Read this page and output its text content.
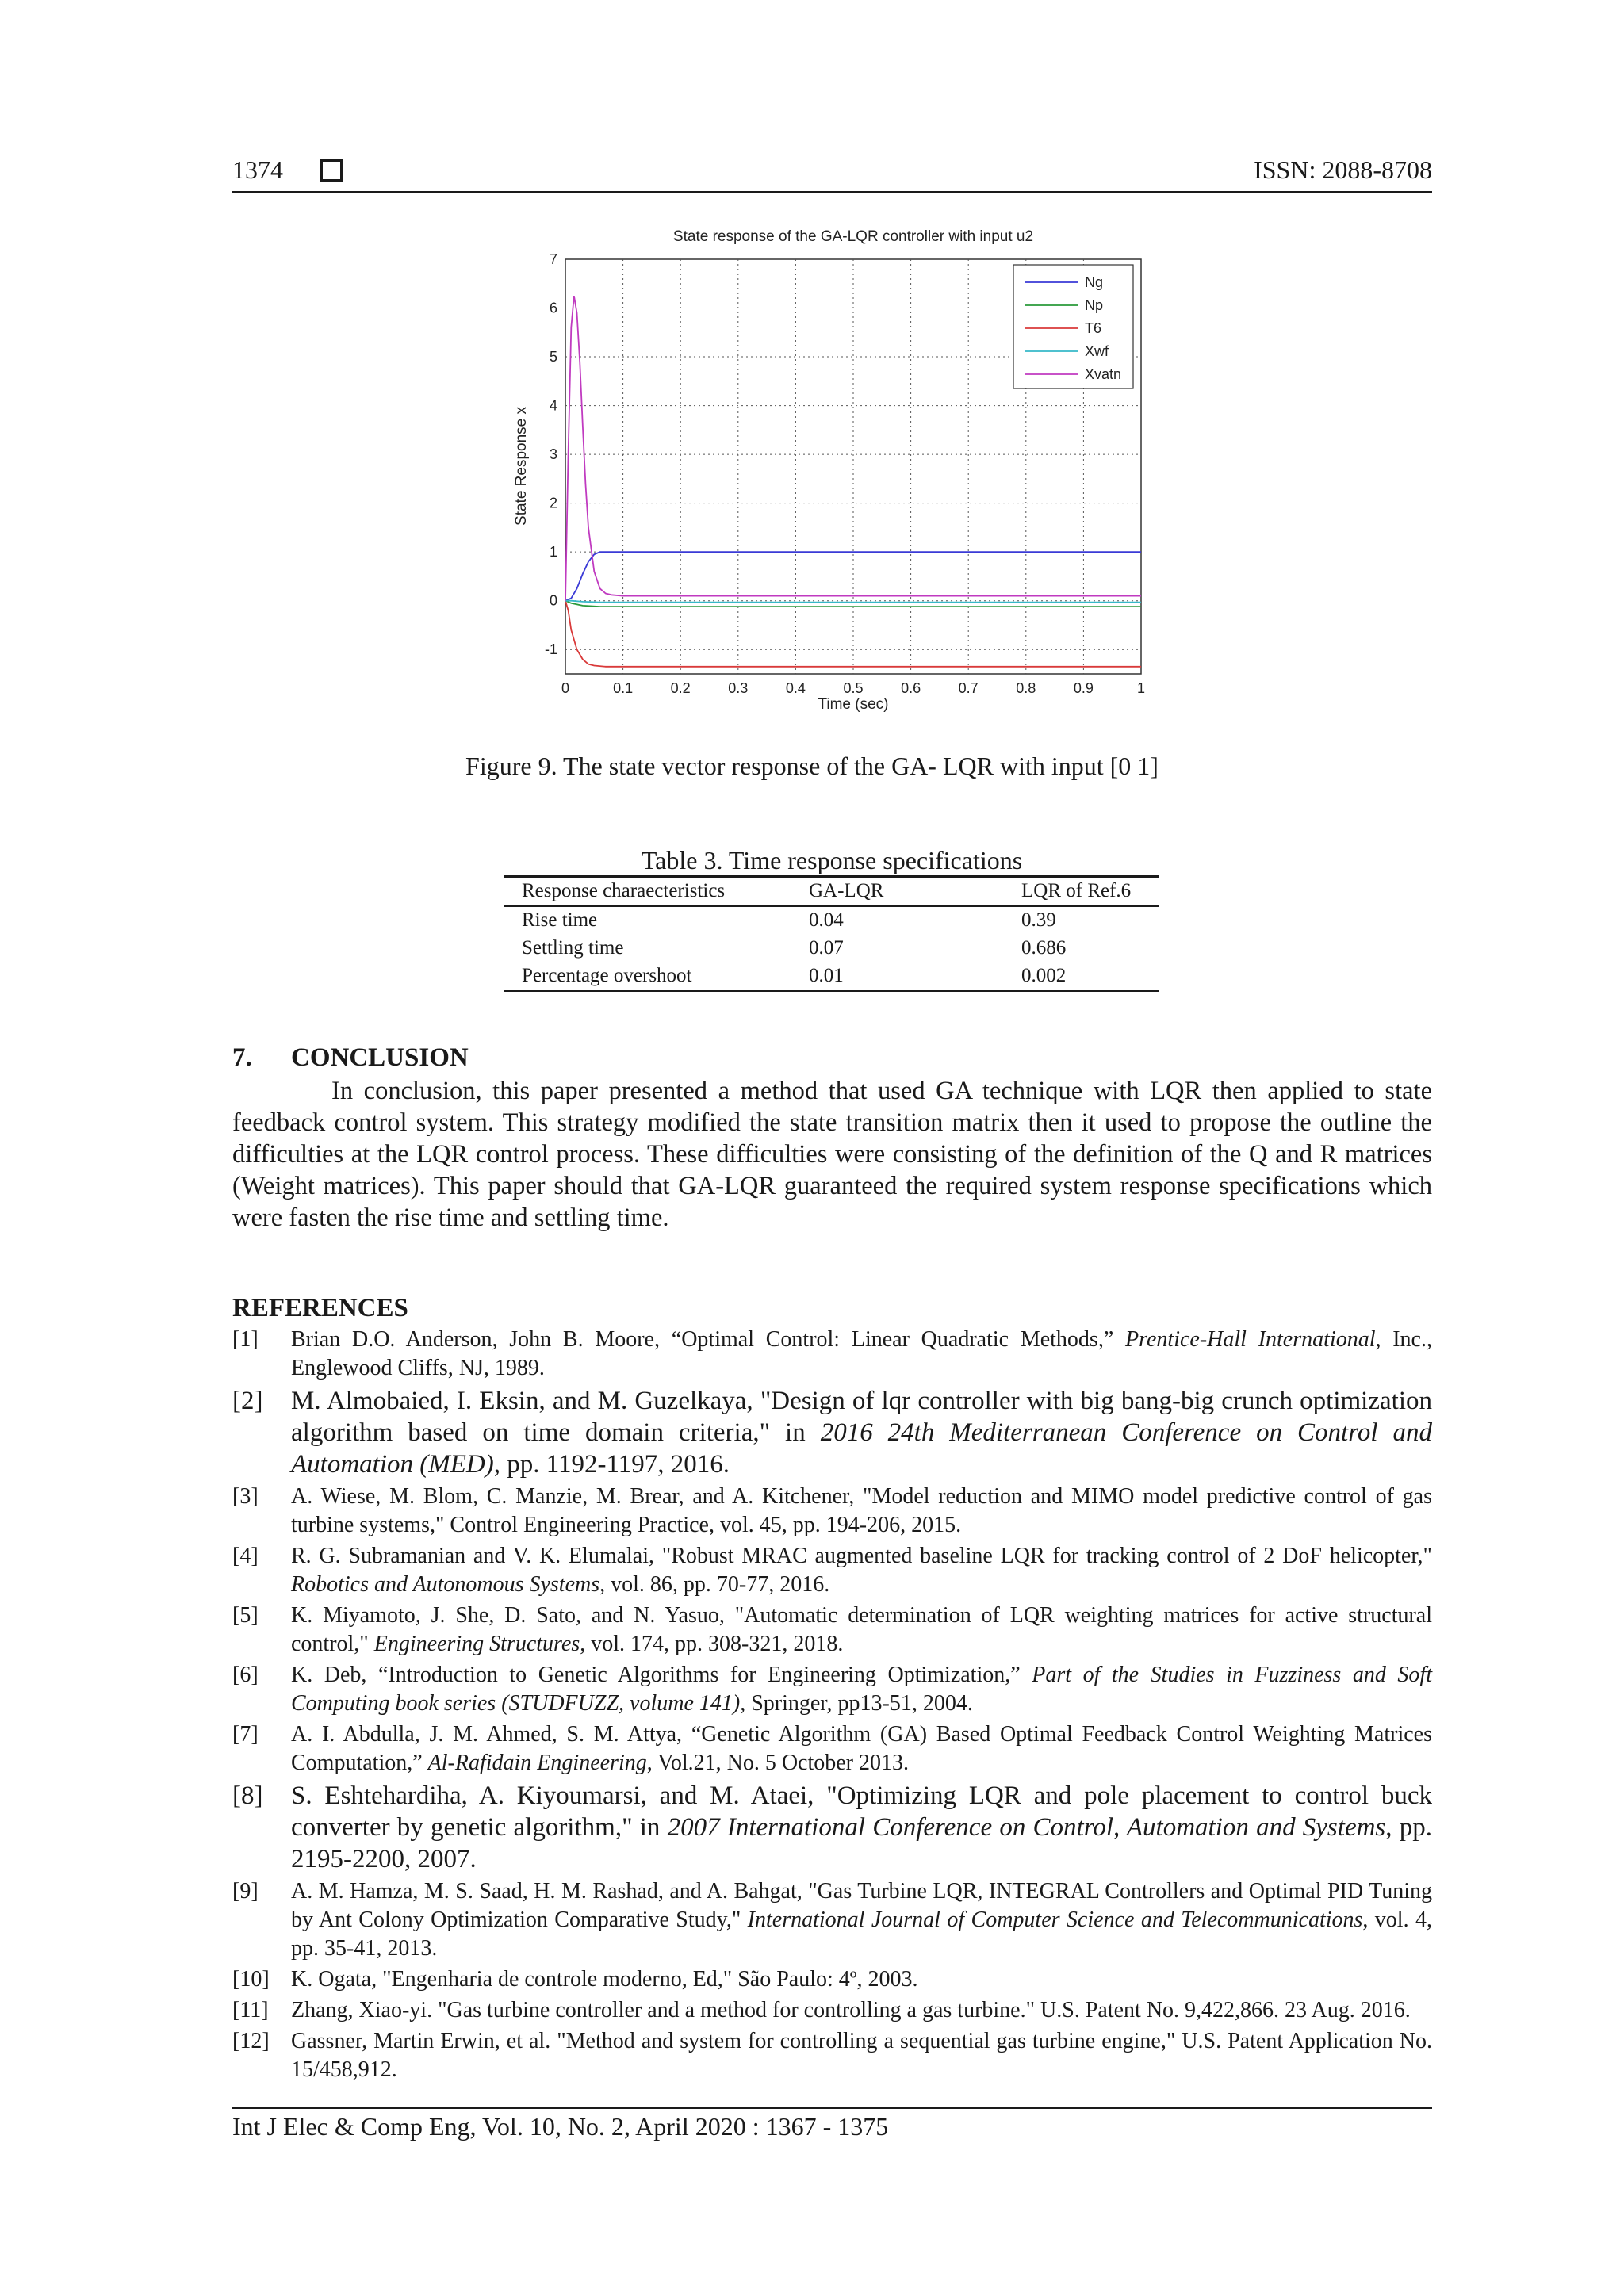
1374	ISSN: 2088-8708
0	0.1	0.2	0.3	0.4	0.5	0.6	0.7	0.8	0.9	1
-1
0
1
2
3
4
5
6
7
State response of the GA-LQR controller with input u2
Time (sec)
State Response x
Ng
Np
T6
Xwf
Xvatn
Figure 9. The state vector response of the GA- LQR with input [0 1]
Table 3. Time response specifications
Response charaecteristics	GA-LQR	LQR of Ref.6
Rise time	0.04	0.39
Settling time	0.07	0.686
Percentage overshoot	0.01	0.002
7. CONCLUSION
In conclusion, this paper presented a method that used GA technique with LQR then applied to state feedback control system. This strategy modified the state transition matrix then it used to propose the outline the difficulties at the LQR control process. These difficulties were consisting of the definition of the Q and R matrices (Weight matrices). This paper should that GA-LQR guaranteed the required system response specifications which were fasten the rise time and settling time.
REFERENCES
[1]	Brian D.O. Anderson, John B. Moore, “Optimal Control: Linear Quadratic Methods,” Prentice-Hall International, Inc., Englewood Cliffs, NJ, 1989.
[2]	M. Almobaied, I. Eksin, and M. Guzelkaya, "Design of lqr controller with big bang-big crunch optimization algorithm based on time domain criteria," in 2016 24th Mediterranean Conference on Control and Automation (MED), pp. 1192-1197, 2016.
[3]	A. Wiese, M. Blom, C. Manzie, M. Brear, and A. Kitchener, "Model reduction and MIMO model predictive control of gas turbine systems," Control Engineering Practice, vol. 45, pp. 194-206, 2015.
[4]	R. G. Subramanian and V. K. Elumalai, "Robust MRAC augmented baseline LQR for tracking control of 2 DoF helicopter," Robotics and Autonomous Systems, vol. 86, pp. 70-77, 2016.
[5]	K. Miyamoto, J. She, D. Sato, and N. Yasuo, "Automatic determination of LQR weighting matrices for active structural control," Engineering Structures, vol. 174, pp. 308-321, 2018.
[6]	K. Deb, “Introduction to Genetic Algorithms for Engineering Optimization,” Part of the Studies in Fuzziness and Soft Computing book series (STUDFUZZ, volume 141), Springer, pp13-51, 2004.
[7]	A. I. Abdulla, J. M. Ahmed, S. M. Attya, “Genetic Algorithm (GA) Based Optimal Feedback Control Weighting Matrices Computation,” Al-Rafidain Engineering, Vol.21, No. 5 October 2013.
[8]	S. Eshtehardiha, A. Kiyoumarsi, and M. Ataei, "Optimizing LQR and pole placement to control buck converter by genetic algorithm," in 2007 International Conference on Control, Automation and Systems, pp. 2195-2200, 2007.
[9]	A. M. Hamza, M. S. Saad, H. M. Rashad, and A. Bahgat, "Gas Turbine LQR, INTEGRAL Controllers and Optimal PID Tuning by Ant Colony Optimization Comparative Study," International Journal of Computer Science and Telecommunications, vol. 4, pp. 35-41, 2013.
[10] K. Ogata, "Engenharia de controle moderno, Ed," São Paulo: 4º, 2003.
[11]	Zhang, Xiao-yi. "Gas turbine controller and a method for controlling a gas turbine." U.S. Patent No. 9,422,866. 23 Aug. 2016.
[12] Gassner, Martin Erwin, et al. "Method and system for controlling a sequential gas turbine engine," U.S. Patent Application No. 15/458,912.
Int J Elec & Comp Eng, Vol. 10, No. 2, April 2020 : 1367 - 1375
